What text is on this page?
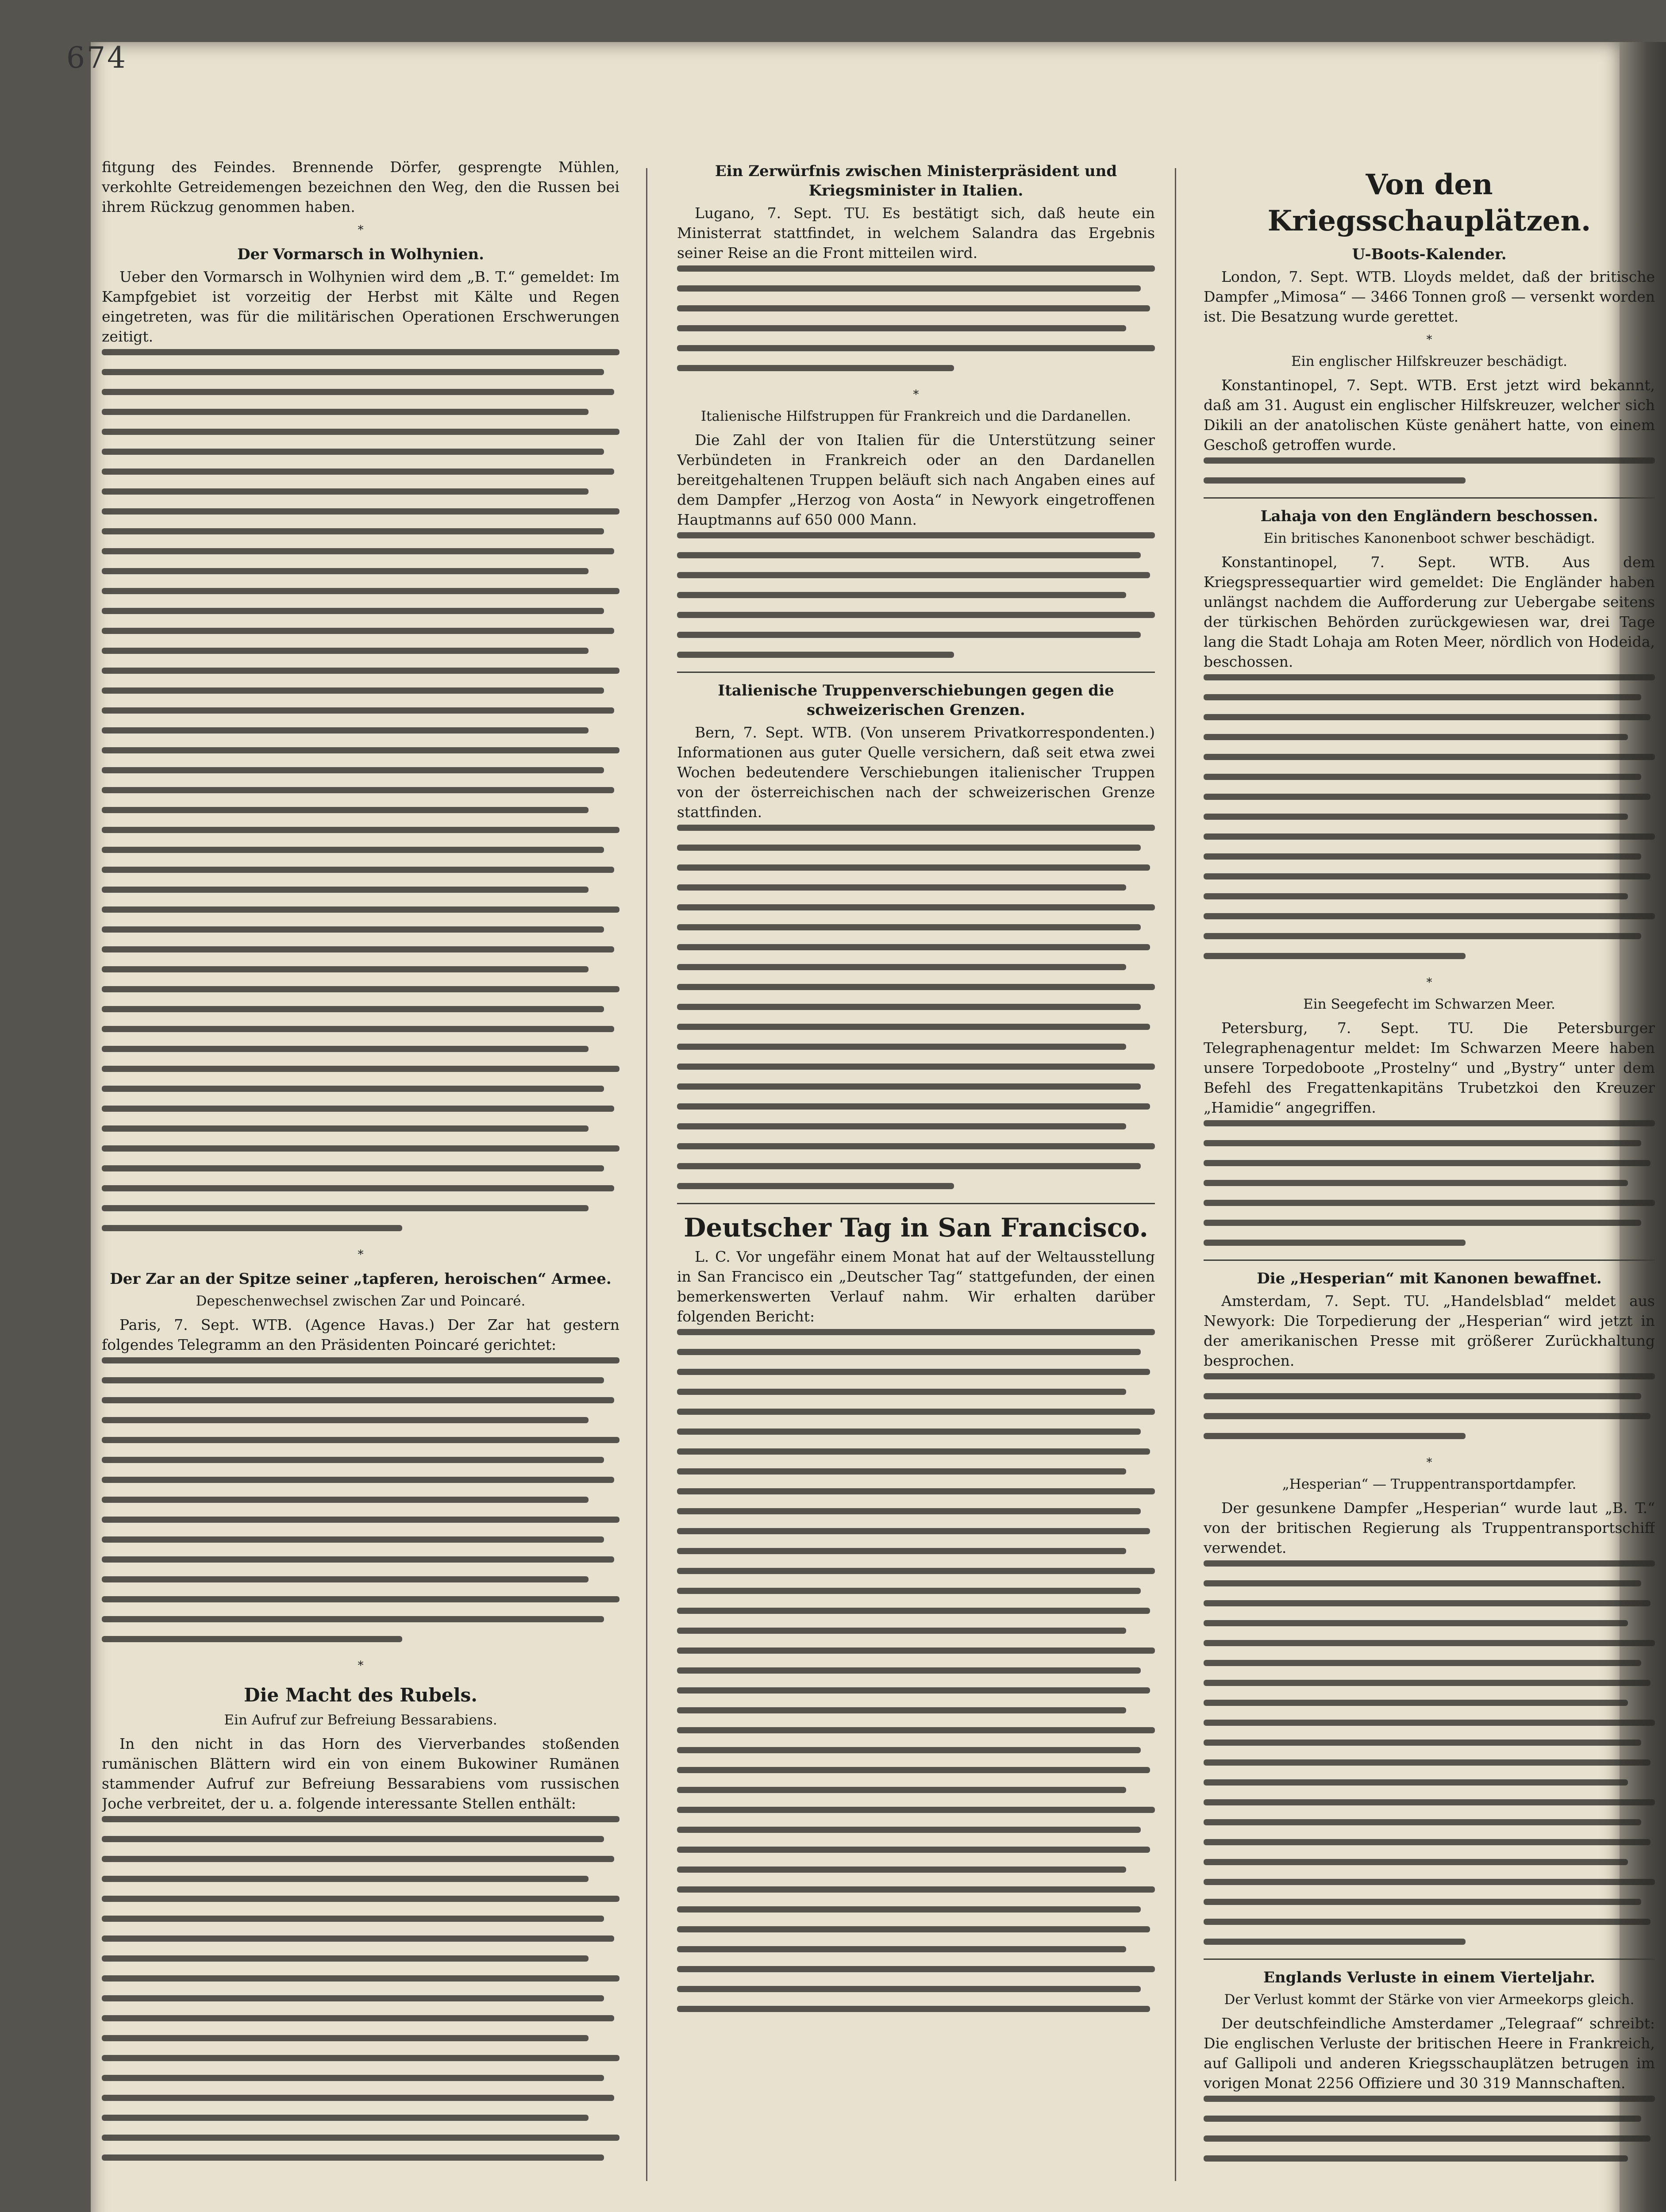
674

fitgung des Feindes. Brennende Dörfer, gesprengte Mühlen, verkohlte Getreidemengen bezeichnen den Weg, den die Russen bei ihrem Rückzug genommen haben.

*
Der Vormarsch in Wolhynien.

Ueber den Vormarsch in Wolhynien wird dem „B. T.“ gemeldet: Im Kampfgebiet ist vorzeitig der Herbst mit Kälte und Regen eingetreten, was für die militärischen Operationen Erschwerungen zeitigt.

*
Der Zar an der Spitze seiner „tapferen, heroischen“ Armee.
Depeschenwechsel zwischen Zar und Poincaré.

Paris, 7. Sept. WTB. (Agence Havas.) Der Zar hat gestern folgendes Telegramm an den Präsidenten Poincaré gerichtet:

*
Die Macht des Rubels.
Ein Aufruf zur Befreiung Bessarabiens.

In den nicht in das Horn des Vierverbandes stoßenden rumänischen Blättern wird ein von einem Bukowiner Rumänen stammender Aufruf zur Befreiung Bessarabiens vom russischen Joche verbreitet, der u. a. folgende interessante Stellen enthält:

Ein Zerwürfnis zwischen Ministerpräsident und Kriegsminister in Italien.

Lugano, 7. Sept. TU. Es bestätigt sich, daß heute ein Ministerrat stattfindet, in welchem Salandra das Ergebnis seiner Reise an die Front mitteilen wird.

*
Italienische Hilfstruppen für Frankreich und die Dardanellen.

Die Zahl der von Italien für die Unterstützung seiner Verbündeten in Frankreich oder an den Dardanellen bereitgehaltenen Truppen beläuft sich nach Angaben eines auf dem Dampfer „Herzog von Aosta“ in Newyork eingetroffenen Hauptmanns auf 650 000 Mann.

Italienische Truppenverschiebungen gegen die schweizerischen Grenzen.

Bern, 7. Sept. WTB. (Von unserem Privatkorrespondenten.) Informationen aus guter Quelle versichern, daß seit etwa zwei Wochen bedeutendere Verschiebungen italienischer Truppen von der österreichischen nach der schweizerischen Grenze stattfinden.

Deutscher Tag in San Francisco.

L. C. Vor ungefähr einem Monat hat auf der Weltausstellung in San Francisco ein „Deutscher Tag“ stattgefunden, der einen bemerkenswerten Verlauf nahm. Wir erhalten darüber folgenden Bericht:

Von den Kriegsschauplätzen.
U-Boots-Kalender.

London, 7. Sept. WTB. Lloyds meldet, daß der britische Dampfer „Mimosa“ — 3466 Tonnen groß — versenkt worden ist. Die Besatzung wurde gerettet.

*
Ein englischer Hilfskreuzer beschädigt.

Konstantinopel, 7. Sept. WTB. Erst jetzt wird bekannt, daß am 31. August ein englischer Hilfskreuzer, welcher sich Dikili an der anatolischen Küste genähert hatte, von einem Geschoß getroffen wurde.

Lahaja von den Engländern beschossen.
Ein britisches Kanonenboot schwer beschädigt.

Konstantinopel, 7. Sept. WTB. Aus dem Kriegspressequartier wird gemeldet: Die Engländer haben unlängst nachdem die Aufforderung zur Uebergabe seitens der türkischen Behörden zurückgewiesen war, drei Tage lang die Stadt Lohaja am Roten Meer, nördlich von Hodeida, beschossen.

*
Ein Seegefecht im Schwarzen Meer.

Petersburg, 7. Sept. TU. Die Petersburger Telegraphenagentur meldet: Im Schwarzen Meere haben unsere Torpedoboote „Prostelny“ und „Bystry“ unter dem Befehl des Fregattenkapitäns Trubetzkoi den Kreuzer „Hamidie“ angegriffen.

Die „Hesperian“ mit Kanonen bewaffnet.

Amsterdam, 7. Sept. TU. „Handelsblad“ meldet aus Newyork: Die Torpedierung der „Hesperian“ wird jetzt in der amerikanischen Presse mit größerer Zurückhaltung besprochen.

*
„Hesperian“ — Truppentransportdampfer.

Der gesunkene Dampfer „Hesperian“ wurde laut „B. T.“ von der britischen Regierung als Truppentransportschiff verwendet.

Englands Verluste in einem Vierteljahr.
Der Verlust kommt der Stärke von vier Armeekorps gleich.

Der deutschfeindliche Amsterdamer „Telegraaf“ schreibt: Die englischen Verluste der britischen Heere in Frankreich, auf Gallipoli und anderen Kriegsschauplätzen betrugen im vorigen Monat 2256 Offiziere und 30 319 Mannschaften.
